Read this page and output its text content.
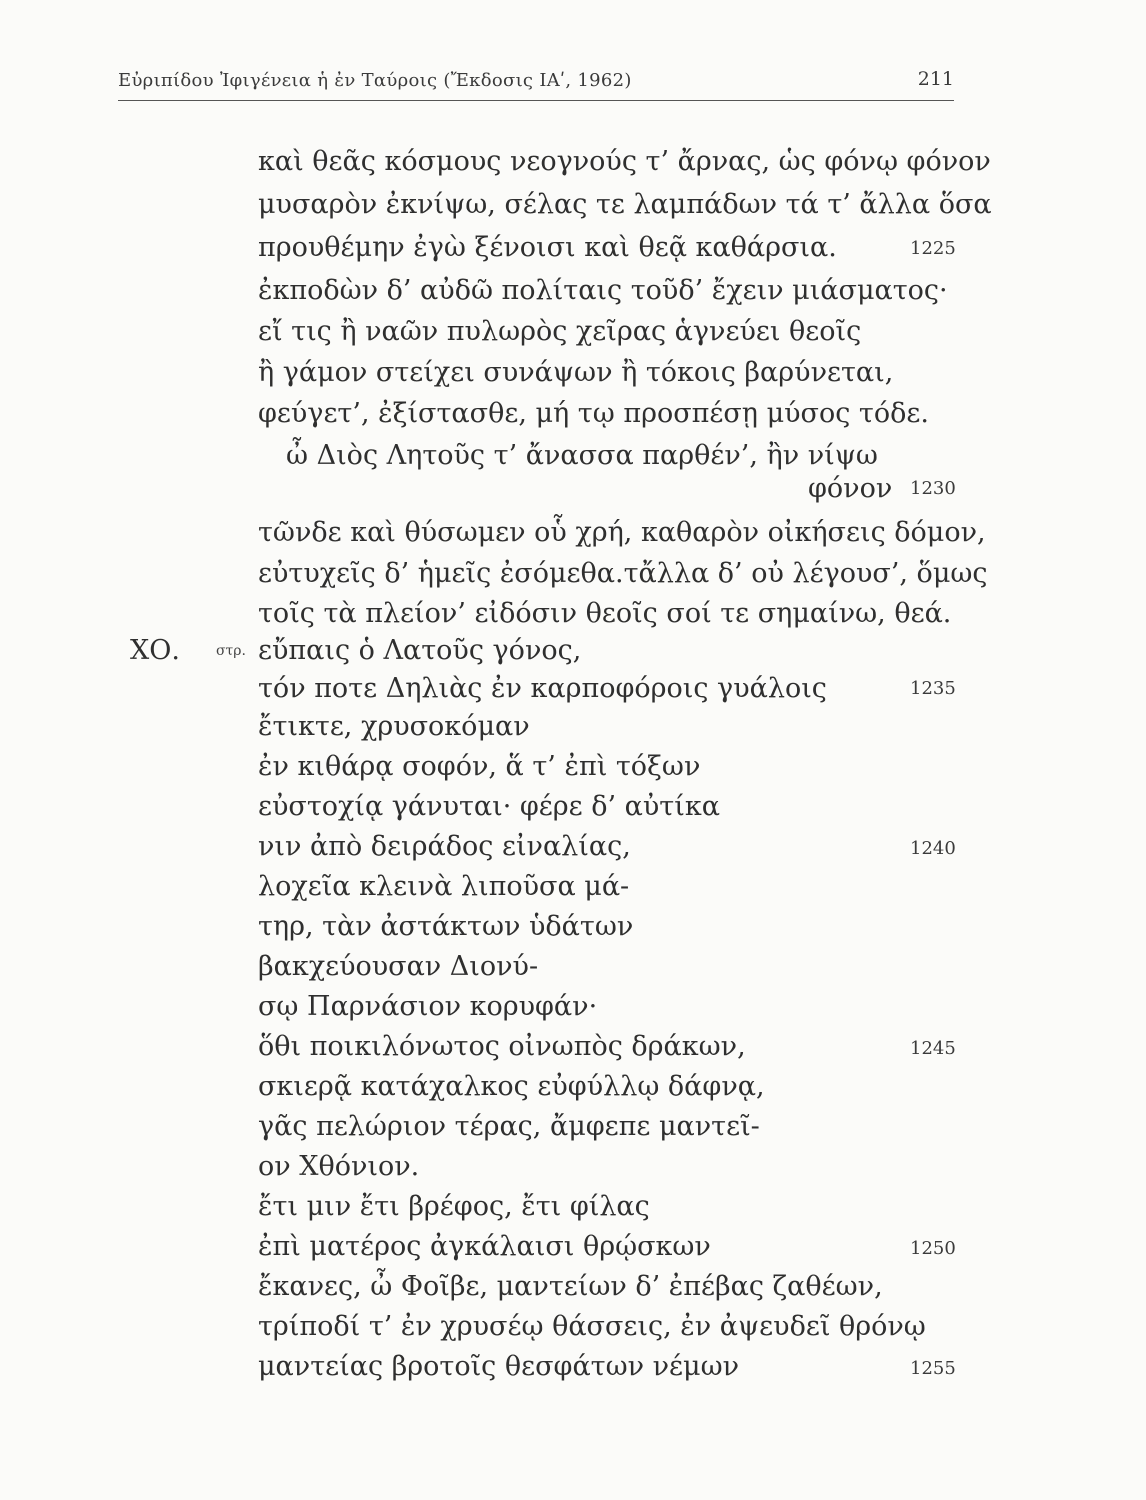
Εὐριπίδου Ἰφιγένεια ἡ ἐν Ταύροις (Ἔκδοσις ΙΑʹ, 1962)	211
καὶ θεᾶς κόσμους νεογνούς τ’ ἄρνας, ὡς φόνῳ φόνον
μυσαρὸν ἐκνίψω, σέλας τε λαμπάδων τά τ’ ἄλλα ὅσα
προυθέμην ἐγὼ ξένοισι καὶ θεᾷ καθάρσια.
ἐκποδὼν δ’ αὐδῶ πολίταις τοῦδ’ ἔχειν μιάσματος·
εἴ τις ἢ ναῶν πυλωρὸς χεῖρας ἁγνεύει θεοῖς
ἢ γάμον στείχει συνάψων ἢ τόκοις βαρύνεται,
φεύγετ’, ἐξίστασθε, μή τῳ προσπέσῃ μύσος τόδε.
ὦ Διὸς Λητοῦς τ’ ἄνασσα παρθέν’, ἢν νίψω
φόνον
τῶνδε καὶ θύσωμεν οὗ χρή, καθαρὸν οἰκήσεις δόμον,
εὐτυχεῖς δ’ ἡμεῖς ἐσόμεθα.τἄλλα δ’ οὐ λέγουσ’, ὅμως
τοῖς τὰ πλείον’ εἰδόσιν θεοῖς σοί τε σημαίνω, θεά.
ΧΟ.	στρ. εὔπαις ὁ Λατοῦς γόνος,
τόν ποτε Δηλιὰς ἐν καρποφόροις γυάλοις
ἔτικτε, χρυσοκόμαν
ἐν κιθάρᾳ σοφόν, ἅ τ’ ἐπὶ τόξων
εὐστοχίᾳ γάνυται· φέρε δ’ αὐτίκα
νιν ἀπὸ δειράδος εἰναλίας,
λοχεῖα κλεινὰ λιποῦσα μά-
τηρ, τὰν ἀστάκτων ὑδάτων
βακχεύουσαν Διονύ-
σῳ Παρνάσιον κορυφάν·
ὅθι ποικιλόνωτος οἰνωπὸς δράκων,
σκιερᾷ κατάχαλκος εὐφύλλῳ δάφνᾳ,
γᾶς πελώριον τέρας, ἄμφεπε μαντεῖ-
ον Χθόνιον.
ἔτι μιν ἔτι βρέφος, ἔτι φίλας
ἐπὶ ματέρος ἀγκάλαισι θρῴσκων
ἔκανες, ὦ Φοῖβε, μαντείων δ’ ἐπέβας ζαθέων,
τρίποδί τ’ ἐν χρυσέῳ θάσσεις, ἐν ἀψευδεῖ θρόνῳ
μαντείας βροτοῖς θεσφάτων νέμων
1225
1230
1235
1240
1245
1250
1255
